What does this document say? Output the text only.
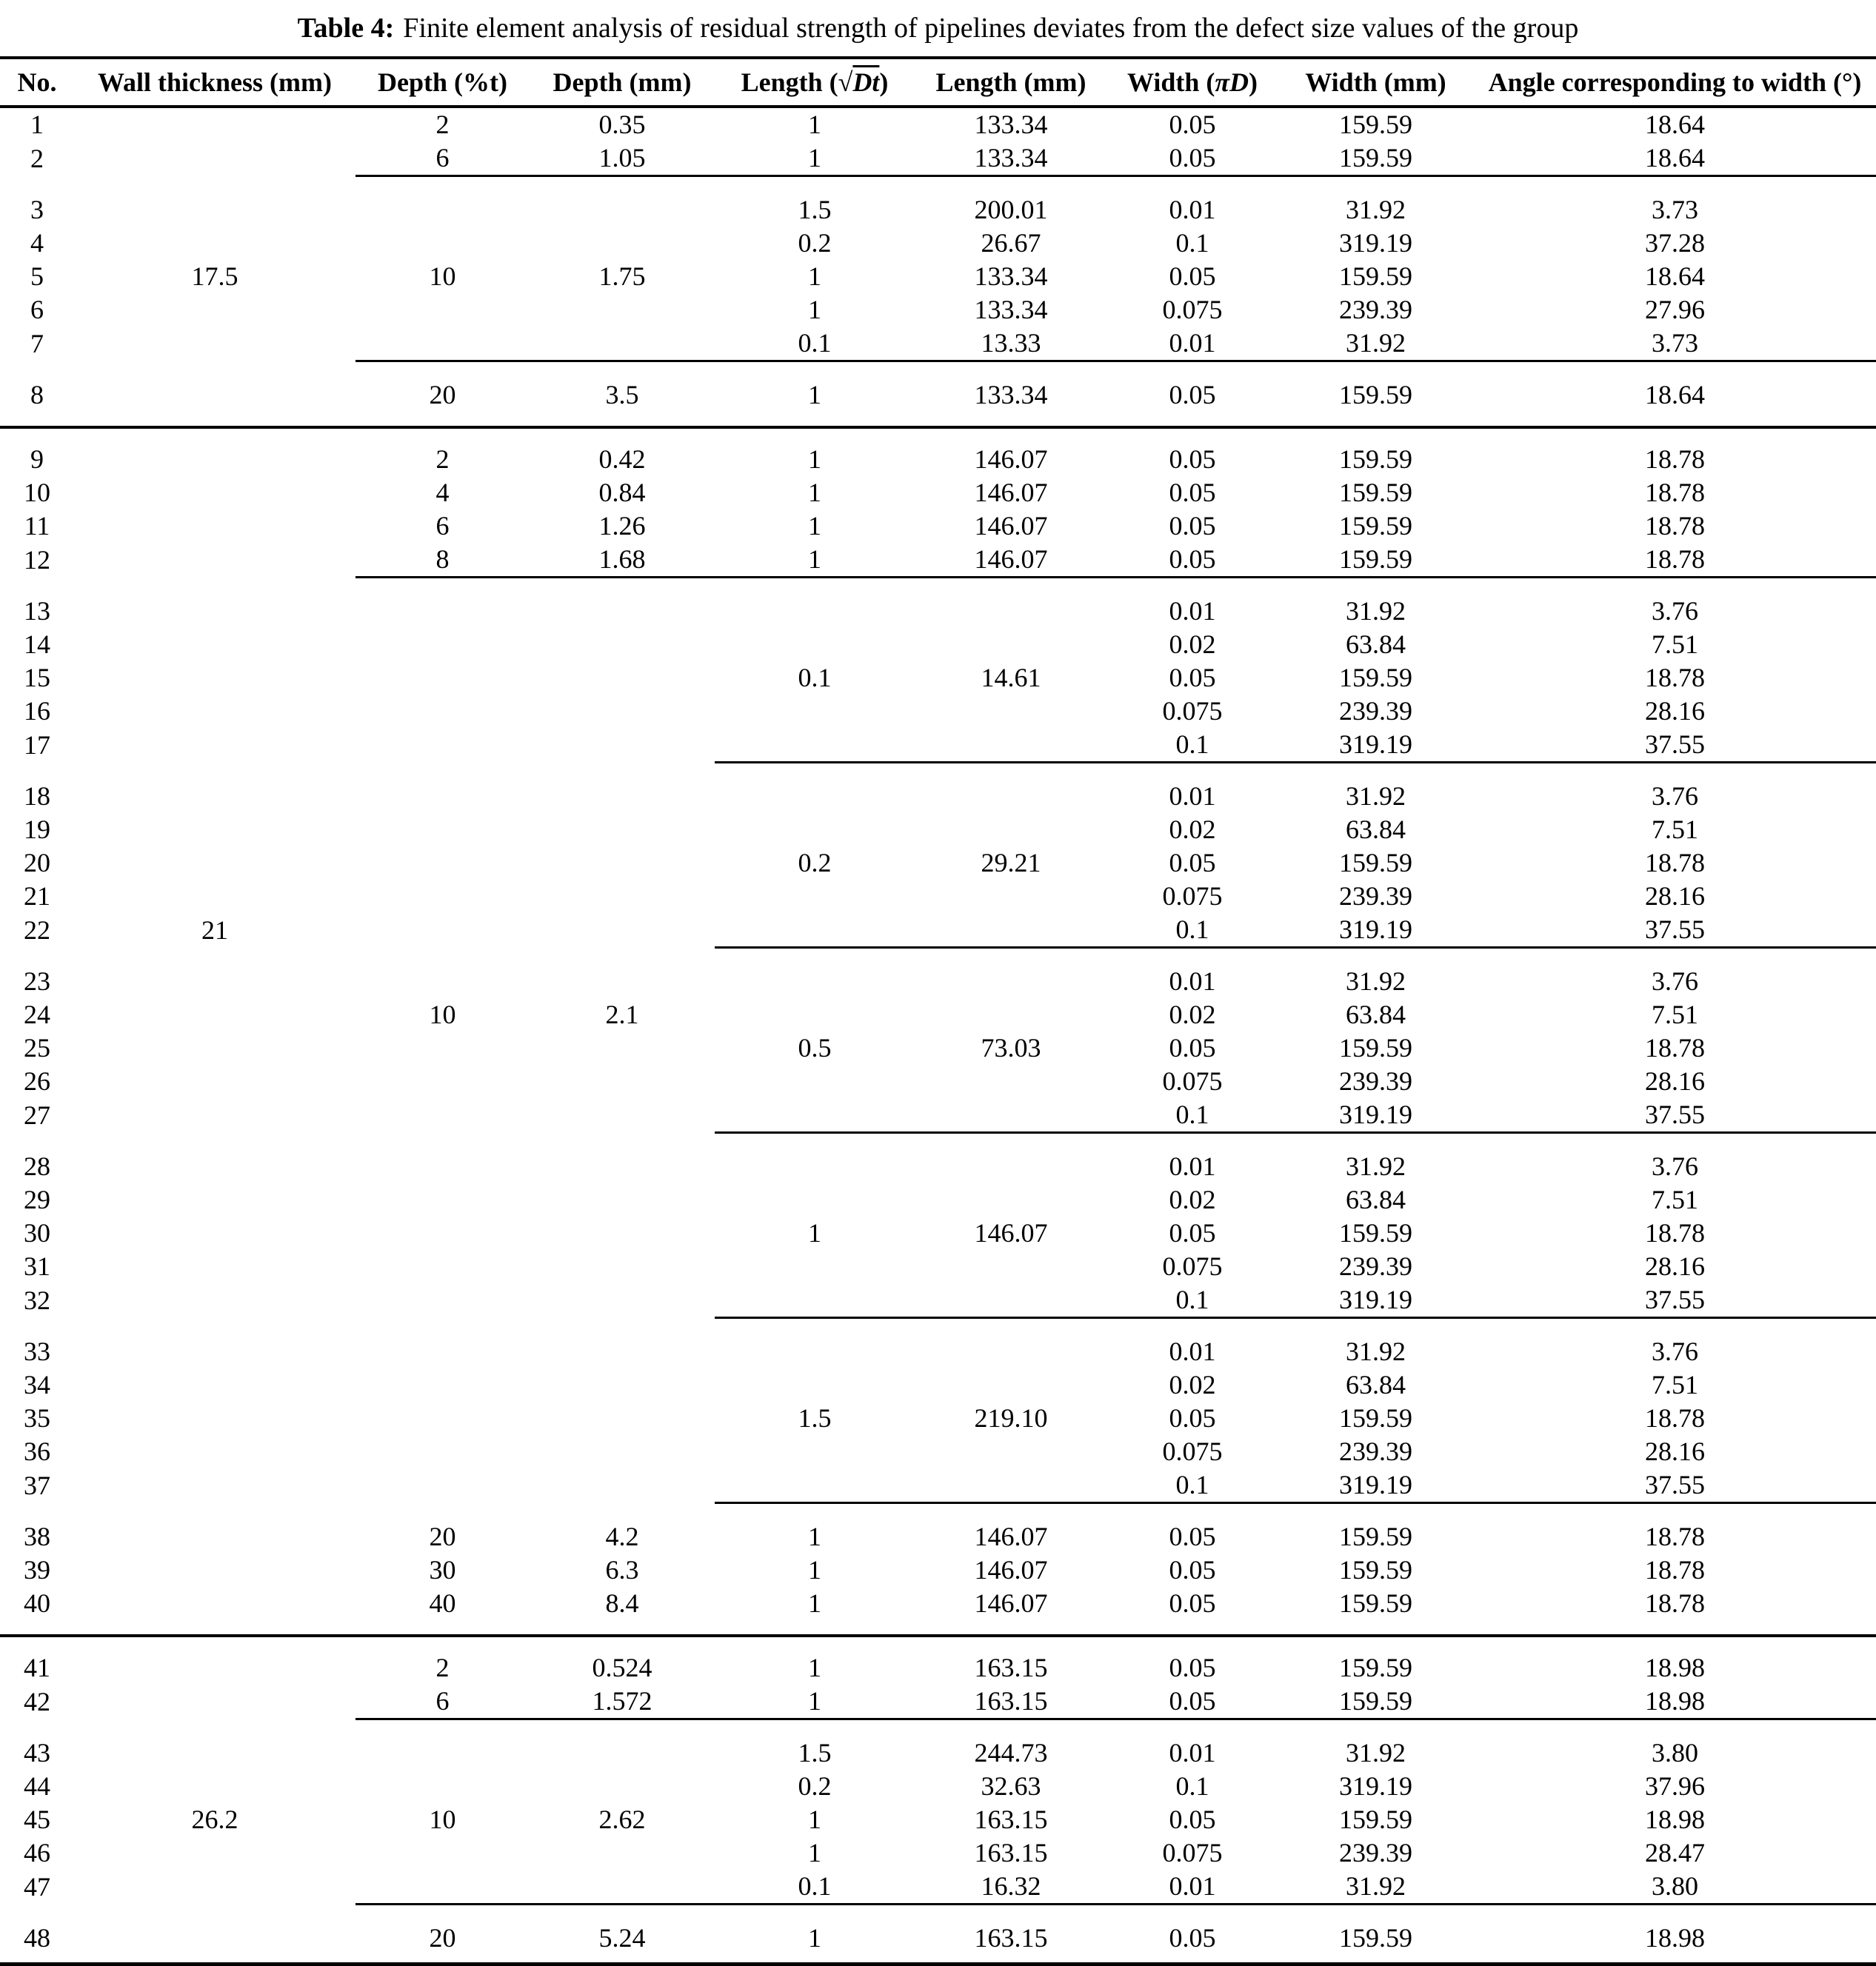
Table 4: Finite element analysis of residual strength of pipelines deviates from the defect size values of the group
No.	Wall thickness (mm)	Depth (%t)	Depth (mm)	Length (√Dt)	Length (mm)	Width (πD)	Width (mm)	Angle corresponding to width (°)
1		2	0.35	1	133.34	0.05	159.59	18.64
2		6	1.05	1	133.34	0.05	159.59	18.64

3				1.5	200.01	0.01	31.92	3.73
4				0.2	26.67	0.1	319.19	37.28
5	17.5	10	1.75	1	133.34	0.05	159.59	18.64
6				1	133.34	0.075	239.39	27.96
7				0.1	13.33	0.01	31.92	3.73

8		20	3.5	1	133.34	0.05	159.59	18.64

9		2	0.42	1	146.07	0.05	159.59	18.78
10		4	0.84	1	146.07	0.05	159.59	18.78
11		6	1.26	1	146.07	0.05	159.59	18.78
12		8	1.68	1	146.07	0.05	159.59	18.78

13						0.01	31.92	3.76
14						0.02	63.84	7.51
15				0.1	14.61	0.05	159.59	18.78
16						0.075	239.39	28.16
17						0.1	319.19	37.55

18						0.01	31.92	3.76
19						0.02	63.84	7.51
20				0.2	29.21	0.05	159.59	18.78
21						0.075	239.39	28.16
22	21					0.1	319.19	37.55

23						0.01	31.92	3.76
24		10	2.1			0.02	63.84	7.51
25				0.5	73.03	0.05	159.59	18.78
26						0.075	239.39	28.16
27						0.1	319.19	37.55

28						0.01	31.92	3.76
29						0.02	63.84	7.51
30				1	146.07	0.05	159.59	18.78
31						0.075	239.39	28.16
32						0.1	319.19	37.55

33						0.01	31.92	3.76
34						0.02	63.84	7.51
35				1.5	219.10	0.05	159.59	18.78
36						0.075	239.39	28.16
37						0.1	319.19	37.55

38		20	4.2	1	146.07	0.05	159.59	18.78
39		30	6.3	1	146.07	0.05	159.59	18.78
40		40	8.4	1	146.07	0.05	159.59	18.78

41		2	0.524	1	163.15	0.05	159.59	18.98
42		6	1.572	1	163.15	0.05	159.59	18.98

43				1.5	244.73	0.01	31.92	3.80
44				0.2	32.63	0.1	319.19	37.96
45	26.2	10	2.62	1	163.15	0.05	159.59	18.98
46				1	163.15	0.075	239.39	28.47
47				0.1	16.32	0.01	31.92	3.80

48		20	5.24	1	163.15	0.05	159.59	18.98
